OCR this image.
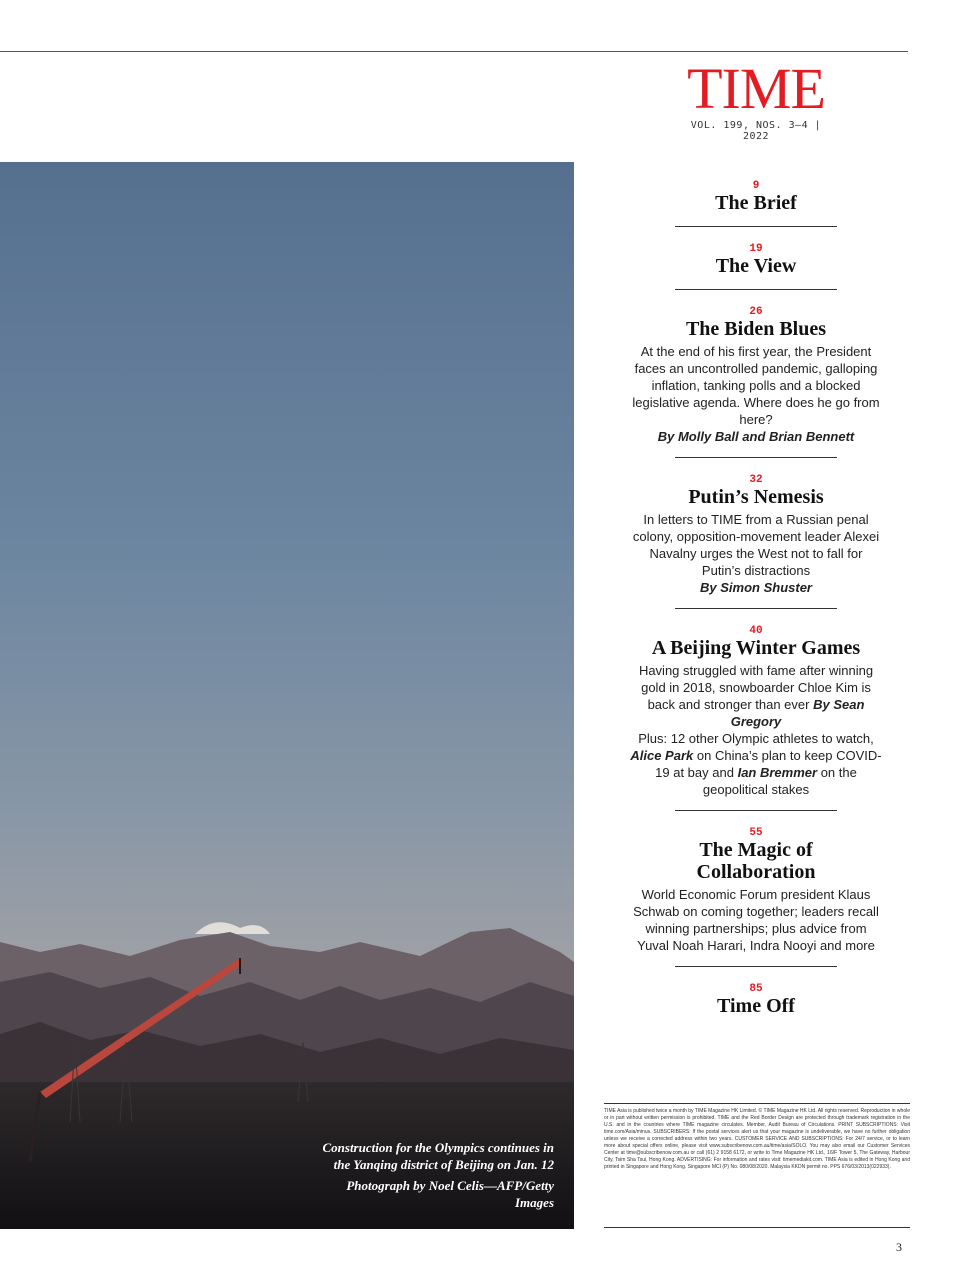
TIME
VOL. 199, NOS. 3–4 | 2022

Construction for the Olympics continues in the Yanqing district of Beijing on Jan. 12

Photograph by Noel Celis—AFP/Getty Images

9
The Brief
19
The View
26
The Biden Blues
At the end of his first year, the President faces an uncontrolled pandemic, galloping inflation, tanking polls and a blocked legislative agenda. Where does he go from here?
By Molly Ball and Brian Bennett
32
Putin’s Nemesis
In letters to TIME from a Russian penal colony, opposition-movement leader Alexei Navalny urges the West not to fall for Putin’s distractions
By Simon Shuster
40
A Beijing Winter Games
Having struggled with fame after winning gold in 2018, snowboarder Chloe Kim is back and stronger than ever By Sean Gregory
Plus: 12 other Olympic athletes to watch, Alice Park on China’s plan to keep COVID-19 at bay and Ian Bremmer on the geopolitical stakes
55
The Magic of
Collaboration
World Economic Forum president Klaus Schwab on coming together; leaders recall winning partnerships; plus advice from Yuval Noah Harari, Indra Nooyi and more
85
Time Off
TIME Asia is published twice a month by TIME Magazine HK Limited. © TIME Magazine HK Ltd. All rights reserved. Reproduction in whole or in part without written permission is prohibited. TIME and the Red Border Design are protected through trademark registration in the U.S. and in the countries where TIME magazine circulates. Member, Audit Bureau of Circulations. PRINT SUBSCRIPTIONS: Visit time.com/Asia/minus. SUBSCRIBERS: If the postal services alert us that your magazine is undeliverable, we have no further obligation unless we receive a corrected address within two years. CUSTOMER SERVICE AND SUBSCRIPTIONS: For 24/7 service, or to learn more about special offers online, please visit www.subscribenow.com.au/time/asia/SOLO. You may also email our Customer Services Center at time@subscribenow.com.au or call (61) 2 9158 6172, or write to Time Magazine HK Ltd., 16/F Tower 5, The Gateway, Harbour City, Tsim Sha Tsui, Hong Kong. ADVERTISING: For information and rates visit: timemediakit.com. TIME Asia is edited in Hong Kong and printed in Singapore and Hong Kong. Singapore MCI (P) No. 080/08/2020. Malaysia KKDN permit no. PPS 676/03/2013(022933).
3
